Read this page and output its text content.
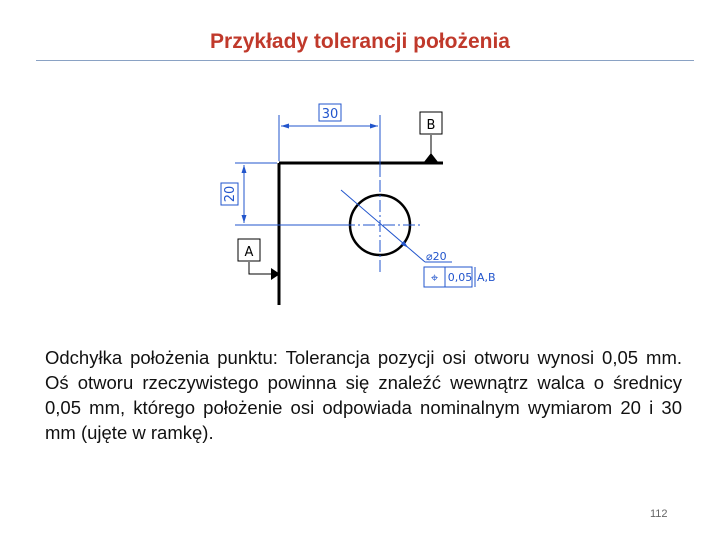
Przykłady tolerancji położenia
30
20
B
A	⌀20
⌖ 0,05 A,B
Odchyłka położenia punktu: Tolerancja pozycji osi otworu wynosi 0,05 mm. Oś otworu rzeczywistego powinna się znaleźć wewnątrz walca o średnicy 0,05 mm, którego położenie osi odpowiada nominalnym wymiarom 20 i 30 mm (ujęte w ramkę).
112
